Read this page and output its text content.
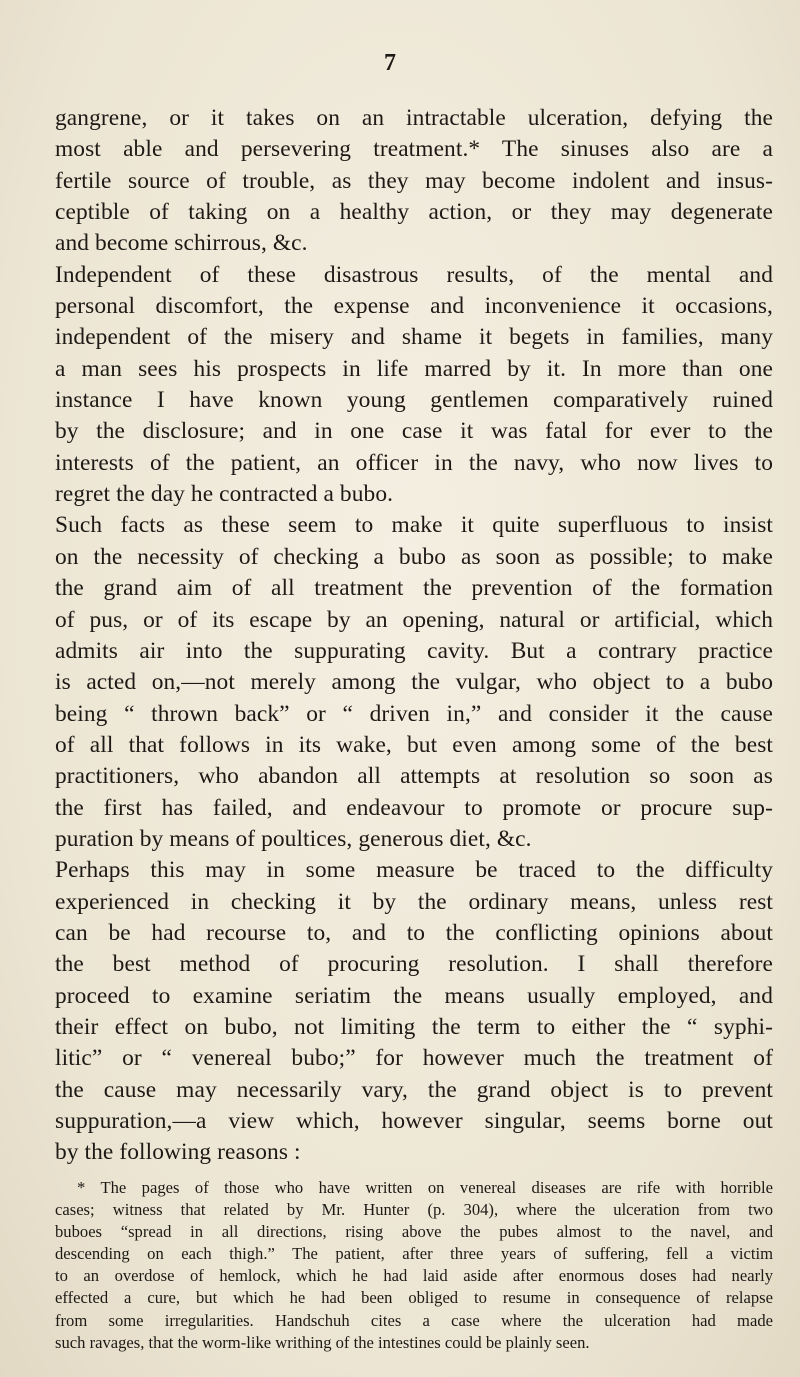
7
gangrene, or it takes on an intractable ulceration, defying the
most able and persevering treatment.* The sinuses also are a
fertile source of trouble, as they may become indolent and insus-
ceptible of taking on a healthy action, or they may degenerate
and become schirrous, &c.
Independent of these disastrous results, of the mental and
personal discomfort, the expense and inconvenience it occasions,
independent of the misery and shame it begets in families, many
a man sees his prospects in life marred by it. In more than one
instance I have known young gentlemen comparatively ruined
by the disclosure; and in one case it was fatal for ever to the
interests of the patient, an officer in the navy, who now lives to
regret the day he contracted a bubo.
Such facts as these seem to make it quite superfluous to insist
on the necessity of checking a bubo as soon as possible; to make
the grand aim of all treatment the prevention of the formation
of pus, or of its escape by an opening, natural or artificial, which
admits air into the suppurating cavity. But a contrary practice
is acted on,—not merely among the vulgar, who object to a bubo
being “ thrown back” or “ driven in,” and consider it the cause
of all that follows in its wake, but even among some of the best
practitioners, who abandon all attempts at resolution so soon as
the first has failed, and endeavour to promote or procure sup-
puration by means of poultices, generous diet, &c.
Perhaps this may in some measure be traced to the difficulty
experienced in checking it by the ordinary means, unless rest
can be had recourse to, and to the conflicting opinions about
the best method of procuring resolution. I shall therefore
proceed to examine seriatim the means usually employed, and
their effect on bubo, not limiting the term to either the “ syphi-
litic” or “ venereal bubo;” for however much the treatment of
the cause may necessarily vary, the grand object is to prevent
suppuration,—a view which, however singular, seems borne out
by the following reasons :
* The pages of those who have written on venereal diseases are rife with horrible
cases; witness that related by Mr. Hunter (p. 304), where the ulceration from two
buboes “spread in all directions, rising above the pubes almost to the navel, and
descending on each thigh.” The patient, after three years of suffering, fell a victim
to an overdose of hemlock, which he had laid aside after enormous doses had nearly
effected a cure, but which he had been obliged to resume in consequence of relapse
from some irregularities. Handschuh cites a case where the ulceration had made
such ravages, that the worm-like writhing of the intestines could be plainly seen.
